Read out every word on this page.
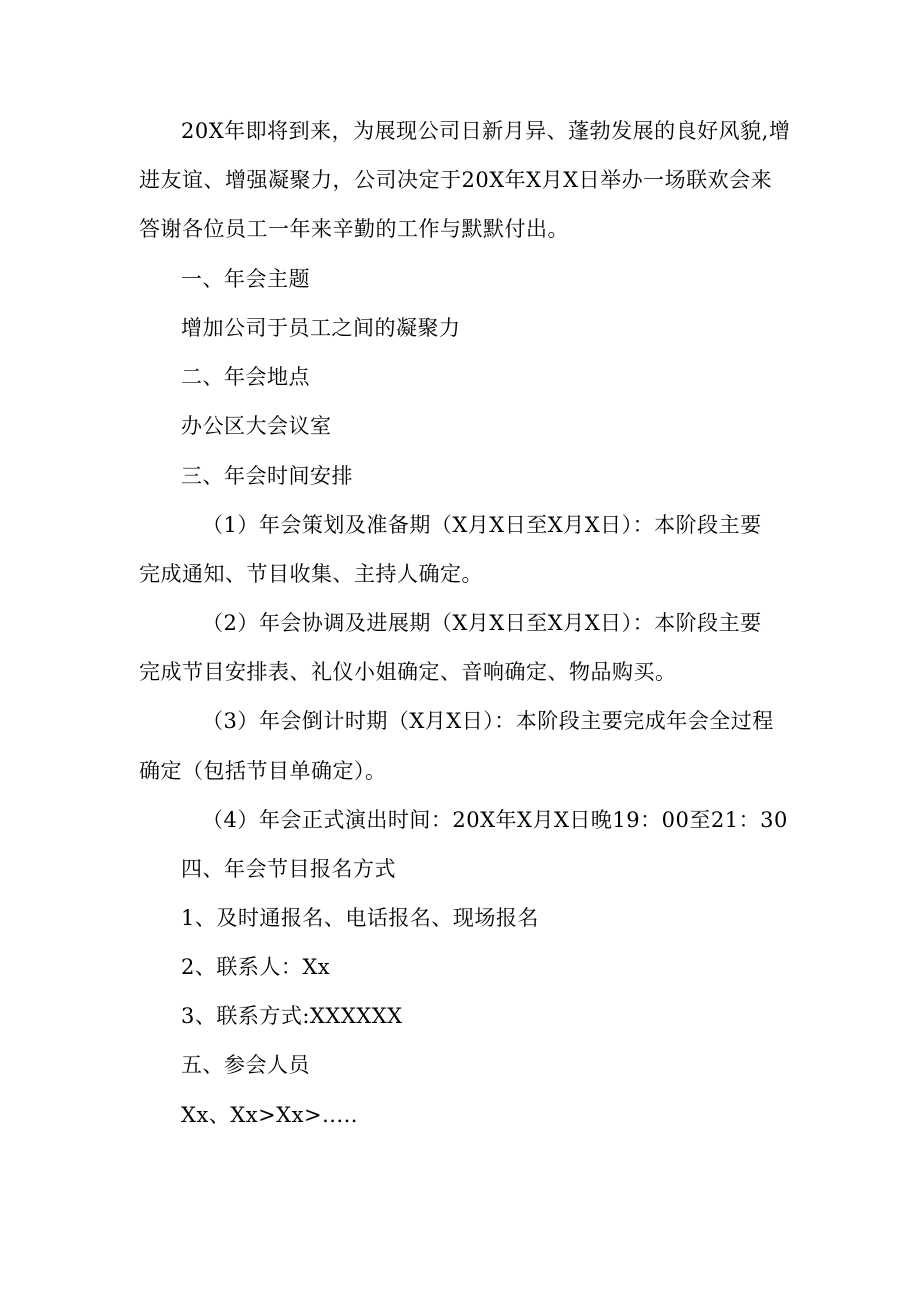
20X年即将到来，为展现公司日新月异、蓬勃发展的良好风貌,增
进友谊、增强凝聚力，公司决定于20X年X月X日举办一场联欢会来
答谢各位员工一年来辛勤的工作与默默付出。
一、年会主题
增加公司于员工之间的凝聚力
二、年会地点
办公区大会议室
三、年会时间安排
（1）年会策划及准备期（X月X日至X月X日）：本阶段主要
完成通知、节目收集、主持人确定。
（2）年会协调及进展期（X月X日至X月X日）：本阶段主要
完成节目安排表、礼仪小姐确定、音响确定、物品购买。
（3）年会倒计时期（X月X日）：本阶段主要完成年会全过程
确定（包括节目单确定）。
（4）年会正式演出时间：20X年X月X日晚19：00至21：30
四、年会节目报名方式
1、及时通报名、电话报名、现场报名
2、联系人：Xx
3、联系方式:XXXXXX
五、参会人员
Xx、Xx>Xx>.....
